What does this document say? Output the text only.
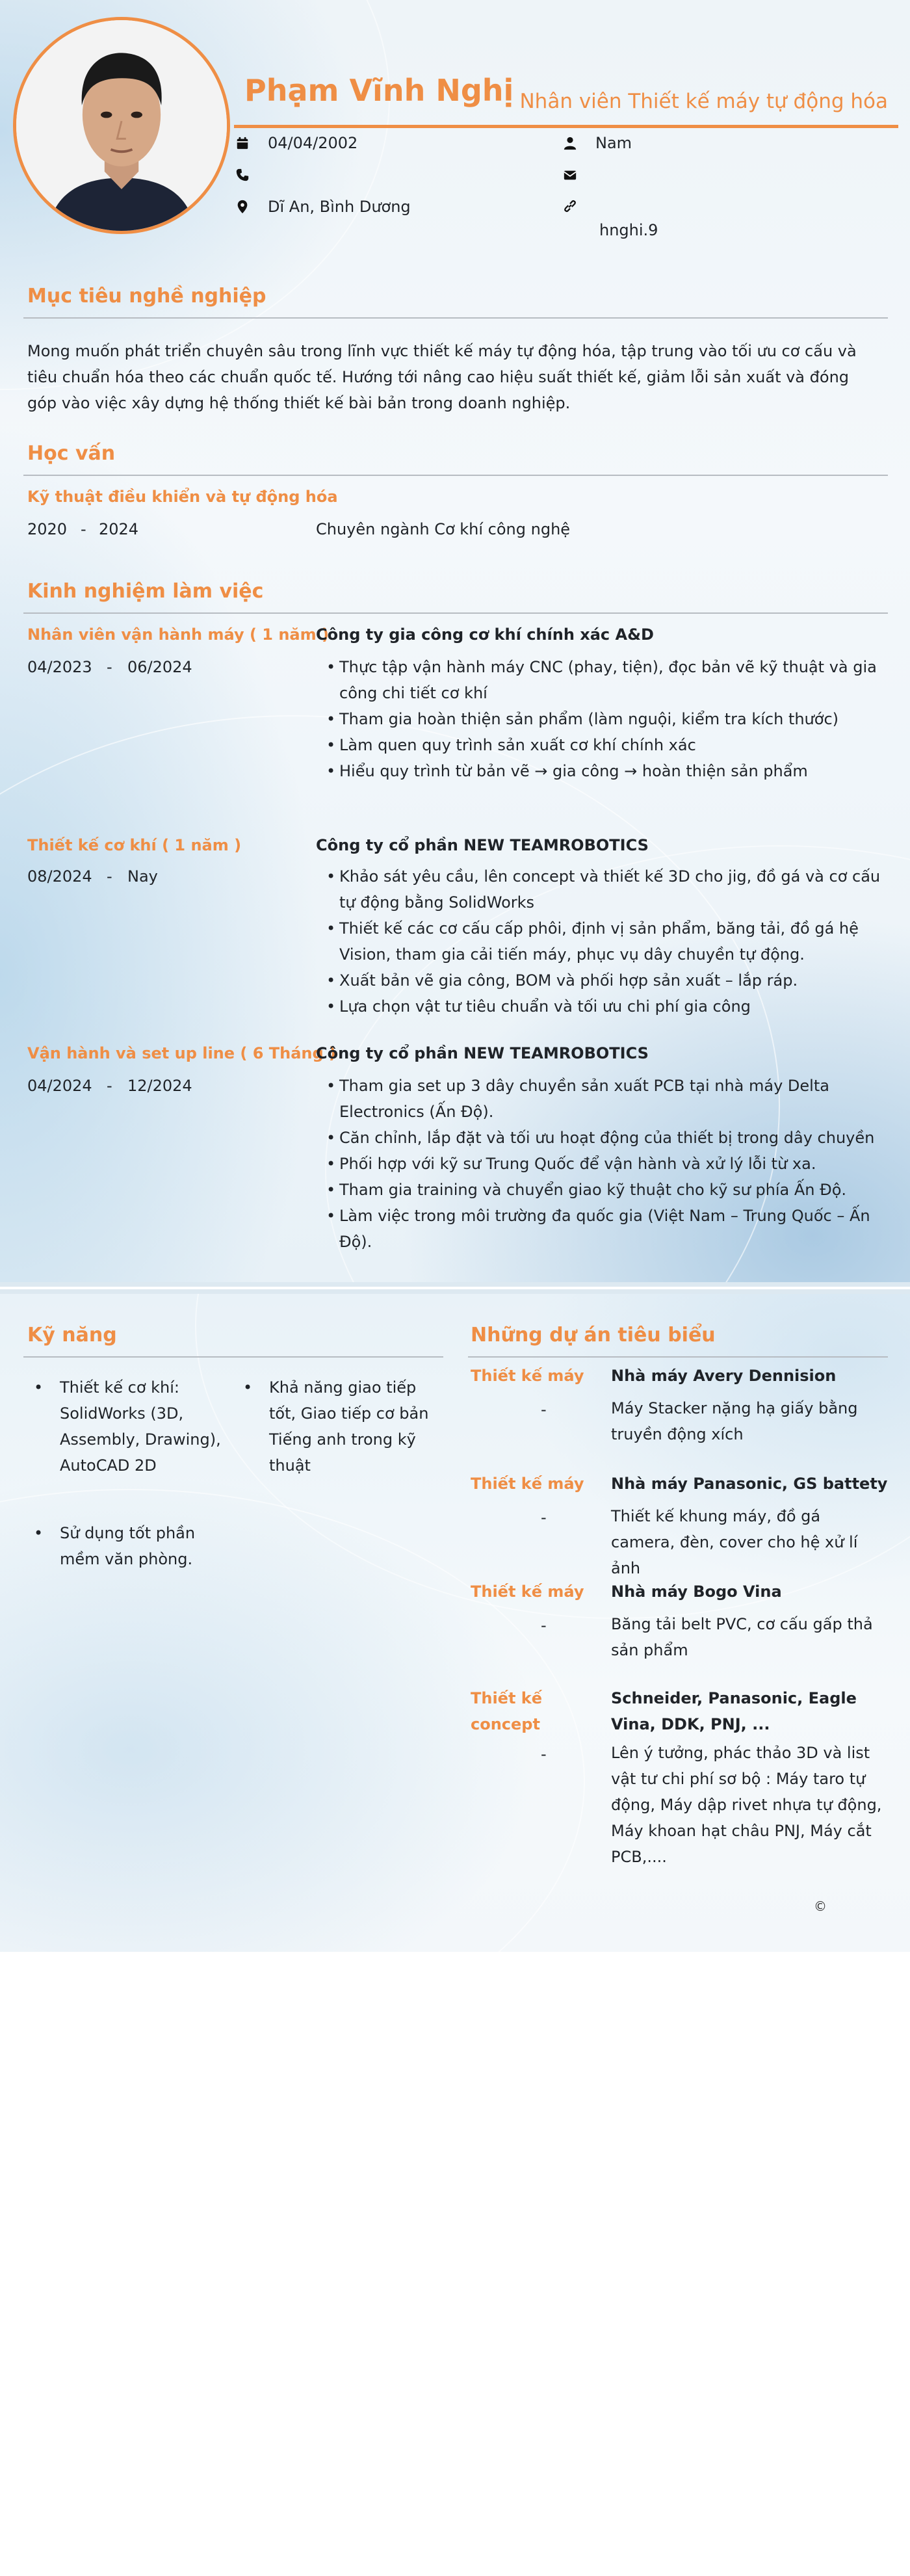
Phạm Vĩnh Nghị Nhân viên Thiết kế máy tự động hóa
04/04/2002	Nam
Dĩ An, Bình Dương
hnghi.9
Mục tiêu nghề nghiệp
Mong muốn phát triển chuyên sâu trong lĩnh vực thiết kế máy tự động hóa, tập trung vào tối ưu cơ cấu và tiêu chuẩn hóa theo các chuẩn quốc tế. Hướng tới nâng cao hiệu suất thiết kế, giảm lỗi sản xuất và đóng góp vào việc xây dựng hệ thống thiết kế bài bản trong doanh nghiệp.
Học vấn
Kỹ thuật điều khiển và tự động hóa
2020 - 2024	Chuyên ngành Cơ khí công nghệ
Kinh nghiệm làm việc
Nhân viên vận hành máy ( 1 năm )
Công ty gia công cơ khí chính xác A&D
04/2023 - 06/2024	• Thực tập vận hành máy CNC (phay, tiện), đọc bản vẽ kỹ thuật và gia công chi tiết cơ khí
• Tham gia hoàn thiện sản phẩm (làm nguội, kiểm tra kích thước)
• Làm quen quy trình sản xuất cơ khí chính xác
• Hiểu quy trình từ bản vẽ → gia công → hoàn thiện sản phẩm
Thiết kế cơ khí ( 1 năm )	Công ty cổ phần NEW TEAMROBOTICS
08/2024 - Nay	• Khảo sát yêu cầu, lên concept và thiết kế 3D cho jig, đồ gá và cơ cấu tự động bằng SolidWorks
• Thiết kế các cơ cấu cấp phôi, định vị sản phẩm, băng tải, đồ gá hệ Vision, tham gia cải tiến máy, phục vụ dây chuyền tự động.
• Xuất bản vẽ gia công, BOM và phối hợp sản xuất – lắp ráp.
• Lựa chọn vật tư tiêu chuẩn và tối ưu chi phí gia công
Vận hành và set up line ( 6 Tháng )
Công ty cổ phần NEW TEAMROBOTICS
04/2024 - 12/2024	• Tham gia set up 3 dây chuyền sản xuất PCB tại nhà máy Delta Electronics (Ấn Độ).
• Căn chỉnh, lắp đặt và tối ưu hoạt động của thiết bị trong dây chuyền
• Phối hợp với kỹ sư Trung Quốc để vận hành và xử lý lỗi từ xa.
• Tham gia training và chuyển giao kỹ thuật cho kỹ sư phía Ấn Độ.
• Làm việc trong môi trường đa quốc gia (Việt Nam – Trung Quốc – Ấn Độ).
Kỹ năng
• Thiết kế cơ khí: SolidWorks (3D, Assembly, Drawing), AutoCAD 2D
• Khả năng giao tiếp tốt, Giao tiếp cơ bản Tiếng anh trong kỹ thuật
• Sử dụng tốt phần mềm văn phòng.
Những dự án tiêu biểu
Thiết kế máy Nhà máy Avery Dennision
-	Máy Stacker nặng hạ giấy bằng truyền động xích
Thiết kế máy Nhà máy Panasonic, GS battety
-	Thiết kế khung máy, đồ gá camera, đèn, cover cho hệ xử lí ảnh
Thiết kế máy Nhà máy Bogo Vina
-	Băng tải belt PVC, cơ cấu gấp thả sản phẩm
Thiết kế concept
Schneider, Panasonic, Eagle Vina, DDK, PNJ, ...
-	Lên ý tưởng, phác thảo 3D và list vật tư chi phí sơ bộ : Máy taro tự động, Máy dập rivet nhựa tự động, Máy khoan hạt châu PNJ, Máy cắt PCB,....
©
